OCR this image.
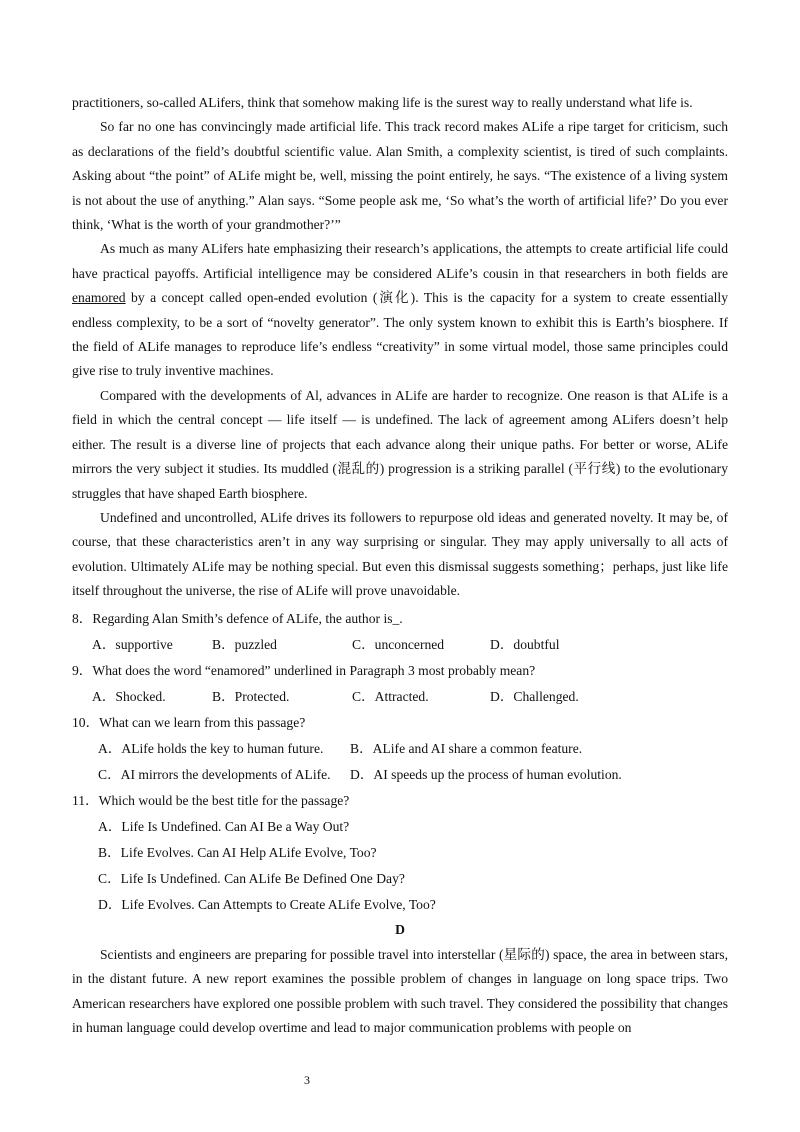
practitioners, so-called ALifers, think that somehow making life is the surest way to really understand what life is.

So far no one has convincingly made artificial life. This track record makes ALife a ripe target for criticism, such as declarations of the field’s doubtful scientific value. Alan Smith, a complexity scientist, is tired of such complaints. Asking about “the point” of ALife might be, well, missing the point entirely, he says. “The existence of a living system is not about the use of anything.” Alan says. “Some people ask me, ‘So what’s the worth of artificial life?’ Do you ever think, ‘What is the worth of your grandmother?’”

As much as many ALifers hate emphasizing their research’s applications, the attempts to create artificial life could have practical payoffs. Artificial intelligence may be considered ALife’s cousin in that researchers in both fields are enamored by a concept called open-ended evolution (演化). This is the capacity for a system to create essentially endless complexity, to be a sort of “novelty generator”. The only system known to exhibit this is Earth’s biosphere. If the field of ALife manages to reproduce life’s endless “creativity” in some virtual model, those same principles could give rise to truly inventive machines.

Compared with the developments of Al, advances in ALife are harder to recognize. One reason is that ALife is a field in which the central concept — life itself — is undefined. The lack of agreement among ALifers doesn’t help either. The result is a diverse line of projects that each advance along their unique paths. For better or worse, ALife mirrors the very subject it studies. Its muddled (混乱的) progression is a striking parallel (平行线) to the evolutionary struggles that have shaped Earth biosphere.

Undefined and uncontrolled, ALife drives its followers to repurpose old ideas and generated novelty. It may be, of course, that these characteristics aren’t in any way surprising or singular. They may apply universally to all acts of evolution. Ultimately ALife may be nothing special. But even this dismissal suggests something；perhaps, just like life itself throughout the universe, the rise of ALife will prove unavoidable.

8．Regarding Alan Smith’s defence of ALife, the author is_.
A．supportive	B．puzzled	C．unconcerned	D．doubtful
9．What does the word “enamored” underlined in Paragraph 3 most probably mean?
A．Shocked.	B．Protected.	C．Attracted.	D．Challenged.
10．What can we learn from this passage?
A．ALife holds the key to human future. B．ALife and AI share a common feature.
C．AI mirrors the developments of ALife. D．AI speeds up the process of human evolution.
11．Which would be the best title for the passage?
A．Life Is Undefined. Can AI Be a Way Out?
B．Life Evolves. Can AI Help ALife Evolve, Too?
C．Life Is Undefined. Can ALife Be Defined One Day?
D．Life Evolves. Can Attempts to Create ALife Evolve, Too?
D

Scientists and engineers are preparing for possible travel into interstellar (星际的) space, the area in between stars, in the distant future. A new report examines the possible problem of changes in language on long space trips. Two American researchers have explored one possible problem with such travel. They considered the possibility that changes in human language could develop overtime and lead to major communication problems with people on

3
